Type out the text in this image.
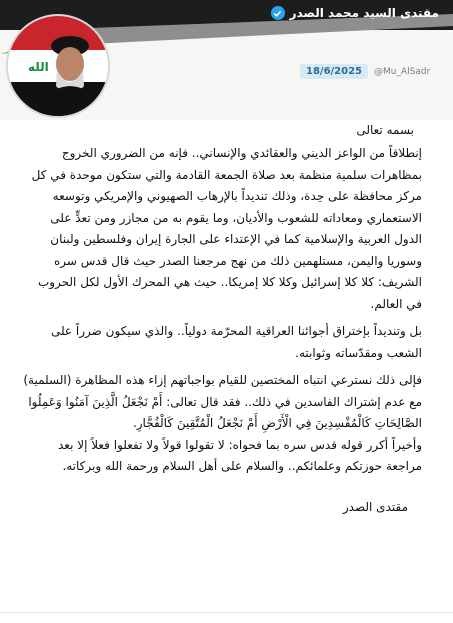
مقتدى السيد محمد الصدر
الله	18/6/2025	@Mu_AlSadr
بسمه تعالى

إنطلاقاً من الواعز الديني والعقائدي والإنساني.. فإنه من الضروري الخروج بمظاهرات سلمية منظمة بعد صلاة الجمعة القادمة والتي ستكون موحدة في كل مركز محافظة على حِدة، وذلك تنديداً بالإرهاب الصهيوني والإمريكي وتوسعه الاستعماري ومعاداته للشعوب والأديان، وما يقوم به من مجازر ومن تعدٍّ على الدول العربية والإسلامية كما في الإعتداء على الجارة إيران وفلسطين ولبنان وسوريا واليمن، مستلهمين ذلك من نهج مرجعنا الصدر حيث قال قدس سره الشريف: كلا كلا إسرائيل وكلا كلا إمريكا.. حيث هي المحرك الأول لكل الحروب في العالم.

بل وتنديداً بإختراق أجوائنا العراقية المحرّمة دولياً.. والذي سيكون ضرراً على الشعب ومقدّساته وثوابته.

فإلى ذلك نسترعي انتباه المختصين للقيام بواجباتهم إزاء هذه المظاهرة (السلمية) مع عدم إشتراك الفاسدين في ذلك.. فقد قال تعالى: أَمْ نَجْعَلُ الَّذِينَ آمَنُوا وَعَمِلُوا الصَّالِحَاتِ كَالْمُفْسِدِينَ فِي الْأَرْضِ أَمْ نَجْعَلُ الْمُتَّقِينَ كَالْفُجَّارِ.

وأخيراً أكرر قوله قدس سره بما فحواه: لا تقولوا قولاً ولا تفعلوا فعلاً إلا بعد مراجعة حوزتكم وعلمائكم.. والسلام على أهل السلام ورحمة الله وبركاته.

مقتدى الصدر
